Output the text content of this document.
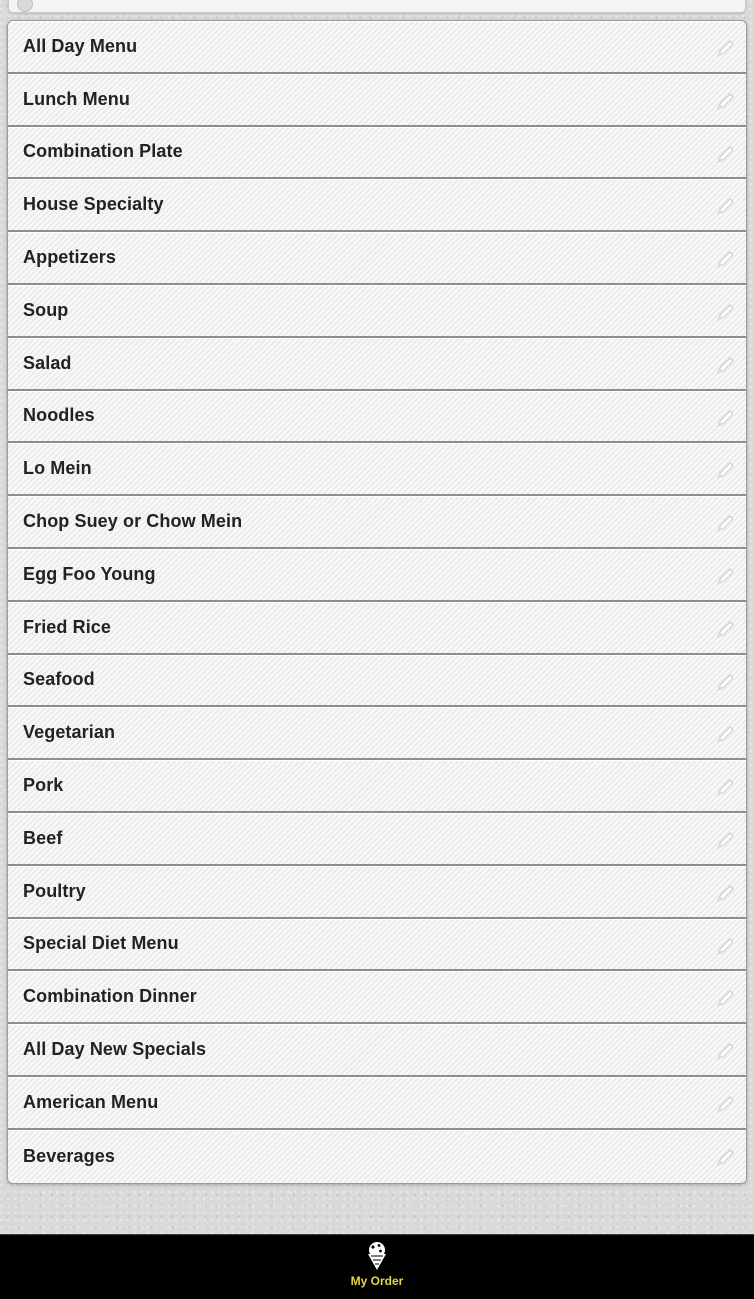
All Day Menu
Lunch Menu
Combination Plate
House Specialty
Appetizers
Soup
Salad
Noodles
Lo Mein
Chop Suey or Chow Mein
Egg Foo Young
Fried Rice
Seafood
Vegetarian
Pork
Beef
Poultry
Special Diet Menu
Combination Dinner
All Day New Specials
American Menu
Beverages
My Order
